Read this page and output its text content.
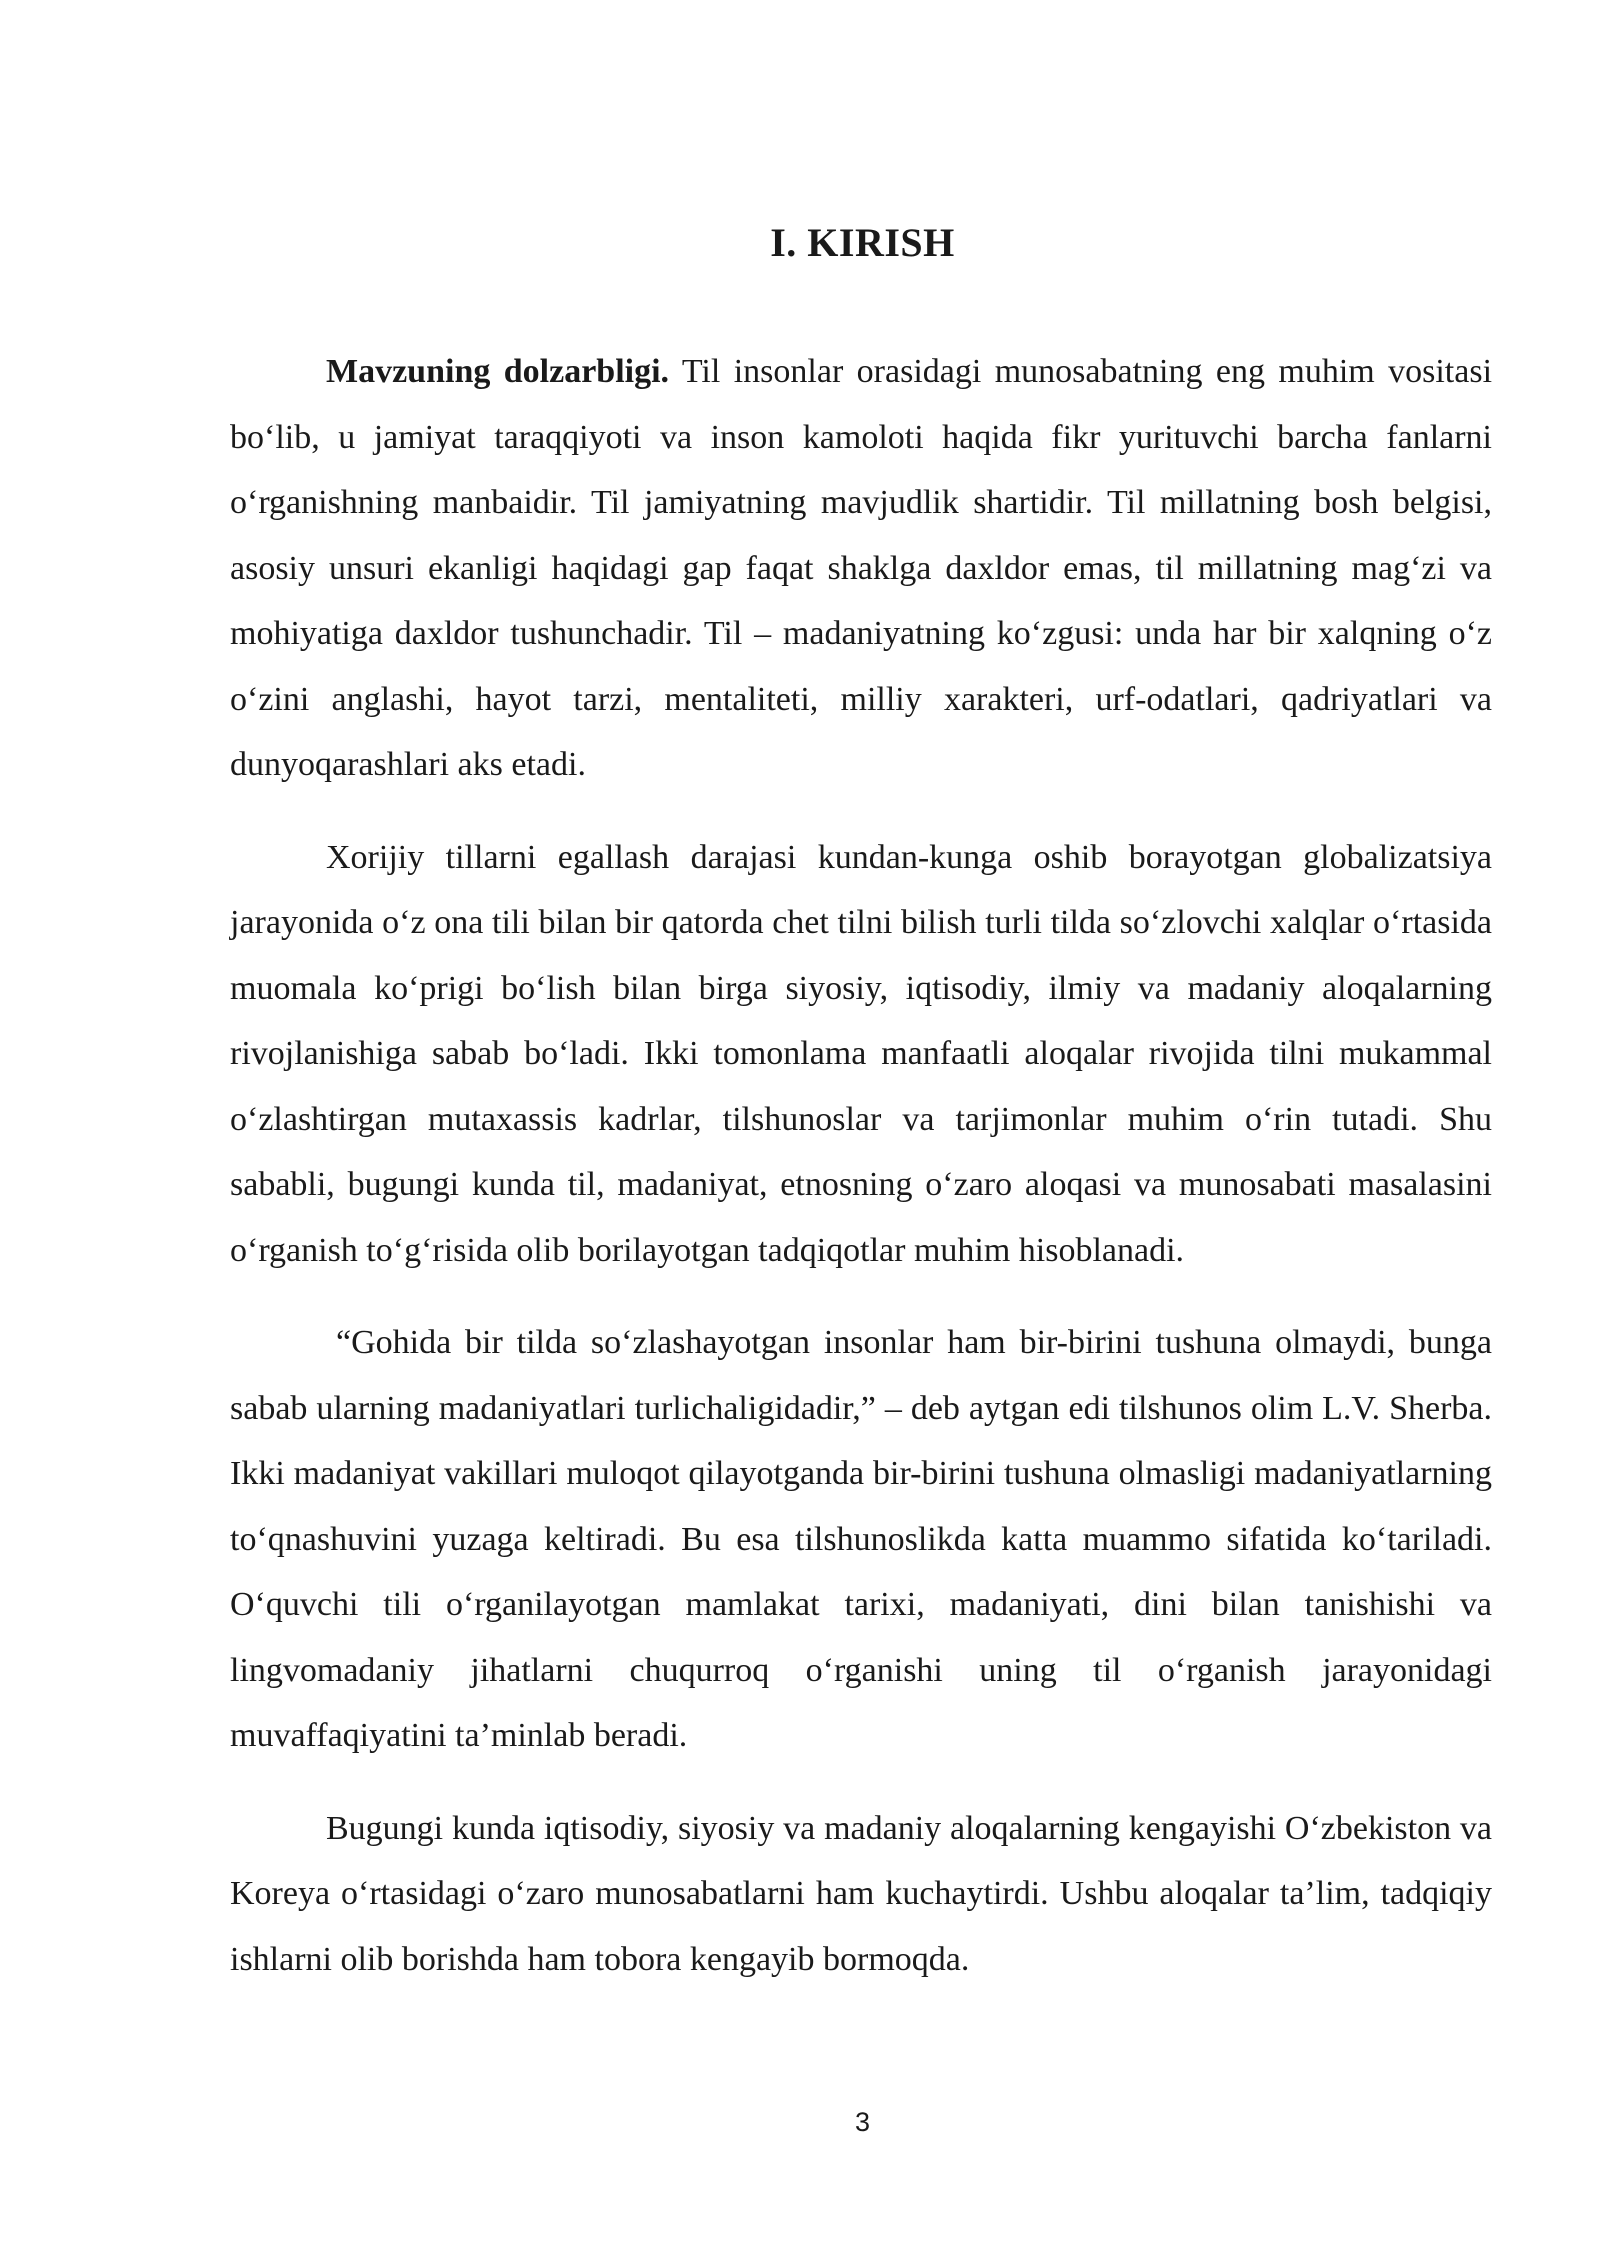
I. KIRISH

Mavzuning dolzarbligi. Til insonlar orasidagi munosabatning eng muhim vositasi bo‘lib, u jamiyat taraqqiyoti va inson kamoloti haqida fikr yurituvchi barcha fanlarni o‘rganishning manbaidir. Til jamiyatning mavjudlik shartidir. Til millatning bosh belgisi, asosiy unsuri ekanligi haqidagi gap faqat shaklga daxldor emas, til millatning mag‘zi va mohiyatiga daxldor tushunchadir. Til – madaniyatning ko‘zgusi: unda har bir xalqning o‘z o‘zini anglashi, hayot tarzi, mentaliteti, milliy xarakteri, urf-odatlari, qadriyatlari va dunyoqarashlari aks etadi.

Xorijiy tillarni egallash darajasi kundan-kunga oshib borayotgan globalizatsiya jarayonida o‘z ona tili bilan bir qatorda chet tilni bilish turli tilda so‘zlovchi xalqlar o‘rtasida muomala ko‘prigi bo‘lish bilan birga siyosiy, iqtisodiy, ilmiy va madaniy aloqalarning rivojlanishiga sabab bo‘ladi. Ikki tomonlama manfaatli aloqalar rivojida tilni mukammal o‘zlashtirgan mutaxassis kadrlar, tilshunoslar va tarjimonlar muhim o‘rin tutadi. Shu sababli, bugungi kunda til, madaniyat, etnosning o‘zaro aloqasi va munosabati masalasini o‘rganish to‘g‘risida olib borilayotgan tadqiqotlar muhim hisoblanadi.

“Gohida bir tilda so‘zlashayotgan insonlar ham bir-birini tushuna olmaydi, bunga sabab ularning madaniyatlari turlichaligidadir,” – deb aytgan edi tilshunos olim L.V. Sherba. Ikki madaniyat vakillari muloqot qilayotganda bir-birini tushuna olmasligi madaniyatlarning to‘qnashuvini yuzaga keltiradi. Bu esa tilshunoslikda katta muammo sifatida ko‘tariladi. O‘quvchi tili o‘rganilayotgan mamlakat tarixi, madaniyati, dini bilan tanishishi va lingvomadaniy jihatlarni chuqurroq o‘rganishi uning til o‘rganish jarayonidagi muvaffaqiyatini ta’minlab beradi.

Bugungi kunda iqtisodiy, siyosiy va madaniy aloqalarning kengayishi O‘zbekiston va Koreya o‘rtasidagi o‘zaro munosabatlarni ham kuchaytirdi. Ushbu aloqalar ta’lim, tadqiqiy ishlarni olib borishda ham tobora kengayib bormoqda.

3
